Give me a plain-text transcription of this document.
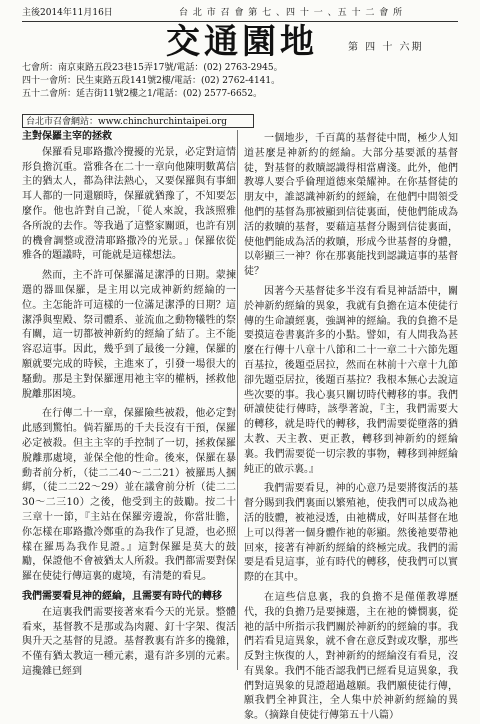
主後2014年11月16日	台 北 市 召 會 第 七 、四 十 一 、五 十 二 會 所
交通園地	第 四 十 六期
七會所：南京東路五段23巷15弄17號/電話：(02) 2763-2945。
四十一會所：民生東路五段141號2樓/電話：(02) 2762-4141。
五十二會所：延吉街11號2樓之1/電話：(02) 2577-6652。
台北市召會網站：www.chinchurchintaipei.org

主對保羅主宰的拯救

保羅看見耶路撒冷攪擾的光景，必定對這情形負擔沉重。當雅各在二十一章向他陳明數萬信主的猶太人，都為律法熱心，又要保羅與有事細耳人都的一同還願時，保羅就猶豫了，不知要怎麼作。他也許對自己說，「從人來說，我該照雅各所說的去作。等我過了這整家關頭，也許有別的機會調整或澄清耶路撒冷的光景。」保羅依從雅各的題議時，可能就是這樣想法。

然而，主不許可保羅滿足潔淨的日期。蒙揀選的器皿保羅，是主用以完成神新約經綸的一位。主怎能許可這樣的一位滿足潔淨的日期？這潔淨與聖殿、祭司體系、並流血之動物犧牲的祭有關，這一切都被神新約的經綸了結了。主不能容忍這事。因此，幾乎到了最後一分鐘，保羅的願就要完成的時候，主進來了，引發一場很大的騷動。那是主對保羅運用祂主宰的權柄，拯救他脫離那困境。

在行傳二十一章，保羅險些被殺，他必定對此感到驚怕。倘若羅馬的千夫長沒有干預，保羅必定被殺。但主主宰的手控制了一切，拯救保羅脫離那處境，並保全他的性命。後來，保羅在暴動者前分析，（徒二二40～二二21）被羅馬人捆綁，（徒二二22～29）並在議會前分析（徒二二30～二三10）之後，他受到主的鼓勵。按二十三章十一節，『主站在保羅旁邊說，你當壯膽，你怎樣在耶路撒冷鄭重的為我作了見證，也必照樣在羅馬為我作見證。』這對保羅是莫大的鼓勵，保證他不會被猶太人所殺。我們都需要對保羅在使徒行傳這裏的處境，有清楚的看見。

我們需要看見神的經綸，且需要有時代的轉移

在這裏我們需要接著來看今天的光景。整體看來，基督教不是那或為肉麗、釘十字架、復活與升天之基督的見證。基督教裏有許多的攙雜，不僅有猶太教這一種元素，還有許多別的元素。這攙雜已經到

一個地步，千百萬的基督徒中間，極少人知道甚麼是神新約的經綸。大部分基要派的基督徒，對基督的救贖認識得相當膚淺。此外，他們教導人要合乎倫理道德來榮耀神。在你基督徒的朋友中，誰認識神新約的經綸，在他們中間領受他們的基督為那被顯到信徒裏面，使他們能成為活的救贖的基督，要藉這基督分賜到信徒裏面，使他們能成為活的救贖，形成今世基督的身體，以彰顯三一神？你在那裏能找到認識這事的基督徒？

因著今天基督徒多半沒有看見神話語中，關於神新約經綸的異象，我就有負擔在這本使徒行傳的生命讀經裏，強調神的經綸。我的負擔不是要摸這卷書裏許多的小點。譬如，有人問我為甚麼在行傳十八章十八節和二十一章二十六節先題百基拉，後題亞居拉，然而在林前十六章十九節卻先題亞居拉，後題百基拉？我根本無心去說這些次要的事。我心裏只關切時代轉移的事。我們研讀使徒行傳時，該學著說，『主，我們需要大的轉移，就是時代的轉移，我們需要從墮落的猶太教、天主教、更正教，轉移到神新約的經綸裏。我們需要從一切宗教的事物，轉移到神經綸純正的啟示裏。』

我們需要看見，神的心意乃是要將復活的基督分賜到我們裏面以繁殖祂，使我們可以成為祂活的肢體，被祂浸透，由祂構成，好叫基督在地上可以得著一個身體作祂的彰顯。然後祂要帶祂回來，接著有神新約經綸的終極完成。我們的需要是看見這事，並有時代的轉移，使我們可以實際的在其中。

在這些信息裏，我的負擔不是僅僅教導歷代，我的負擔乃是要揀選，主在祂的憐憫裏，從祂的話中所指示我們關於神新約的經綸的事。我們若看見這異象，就不會在意反對或攻擊，那些反對主恢復的人，對神新約的經綸沒有看見，沒有異象。我們不能否認我們已經看見這異象，我們對這異象的見證超過越願。我們願使徒行傳，願我們全神貫注，全人集中於神新約經綸的異象。（摘錄自使徒行傳第五十八篇）
